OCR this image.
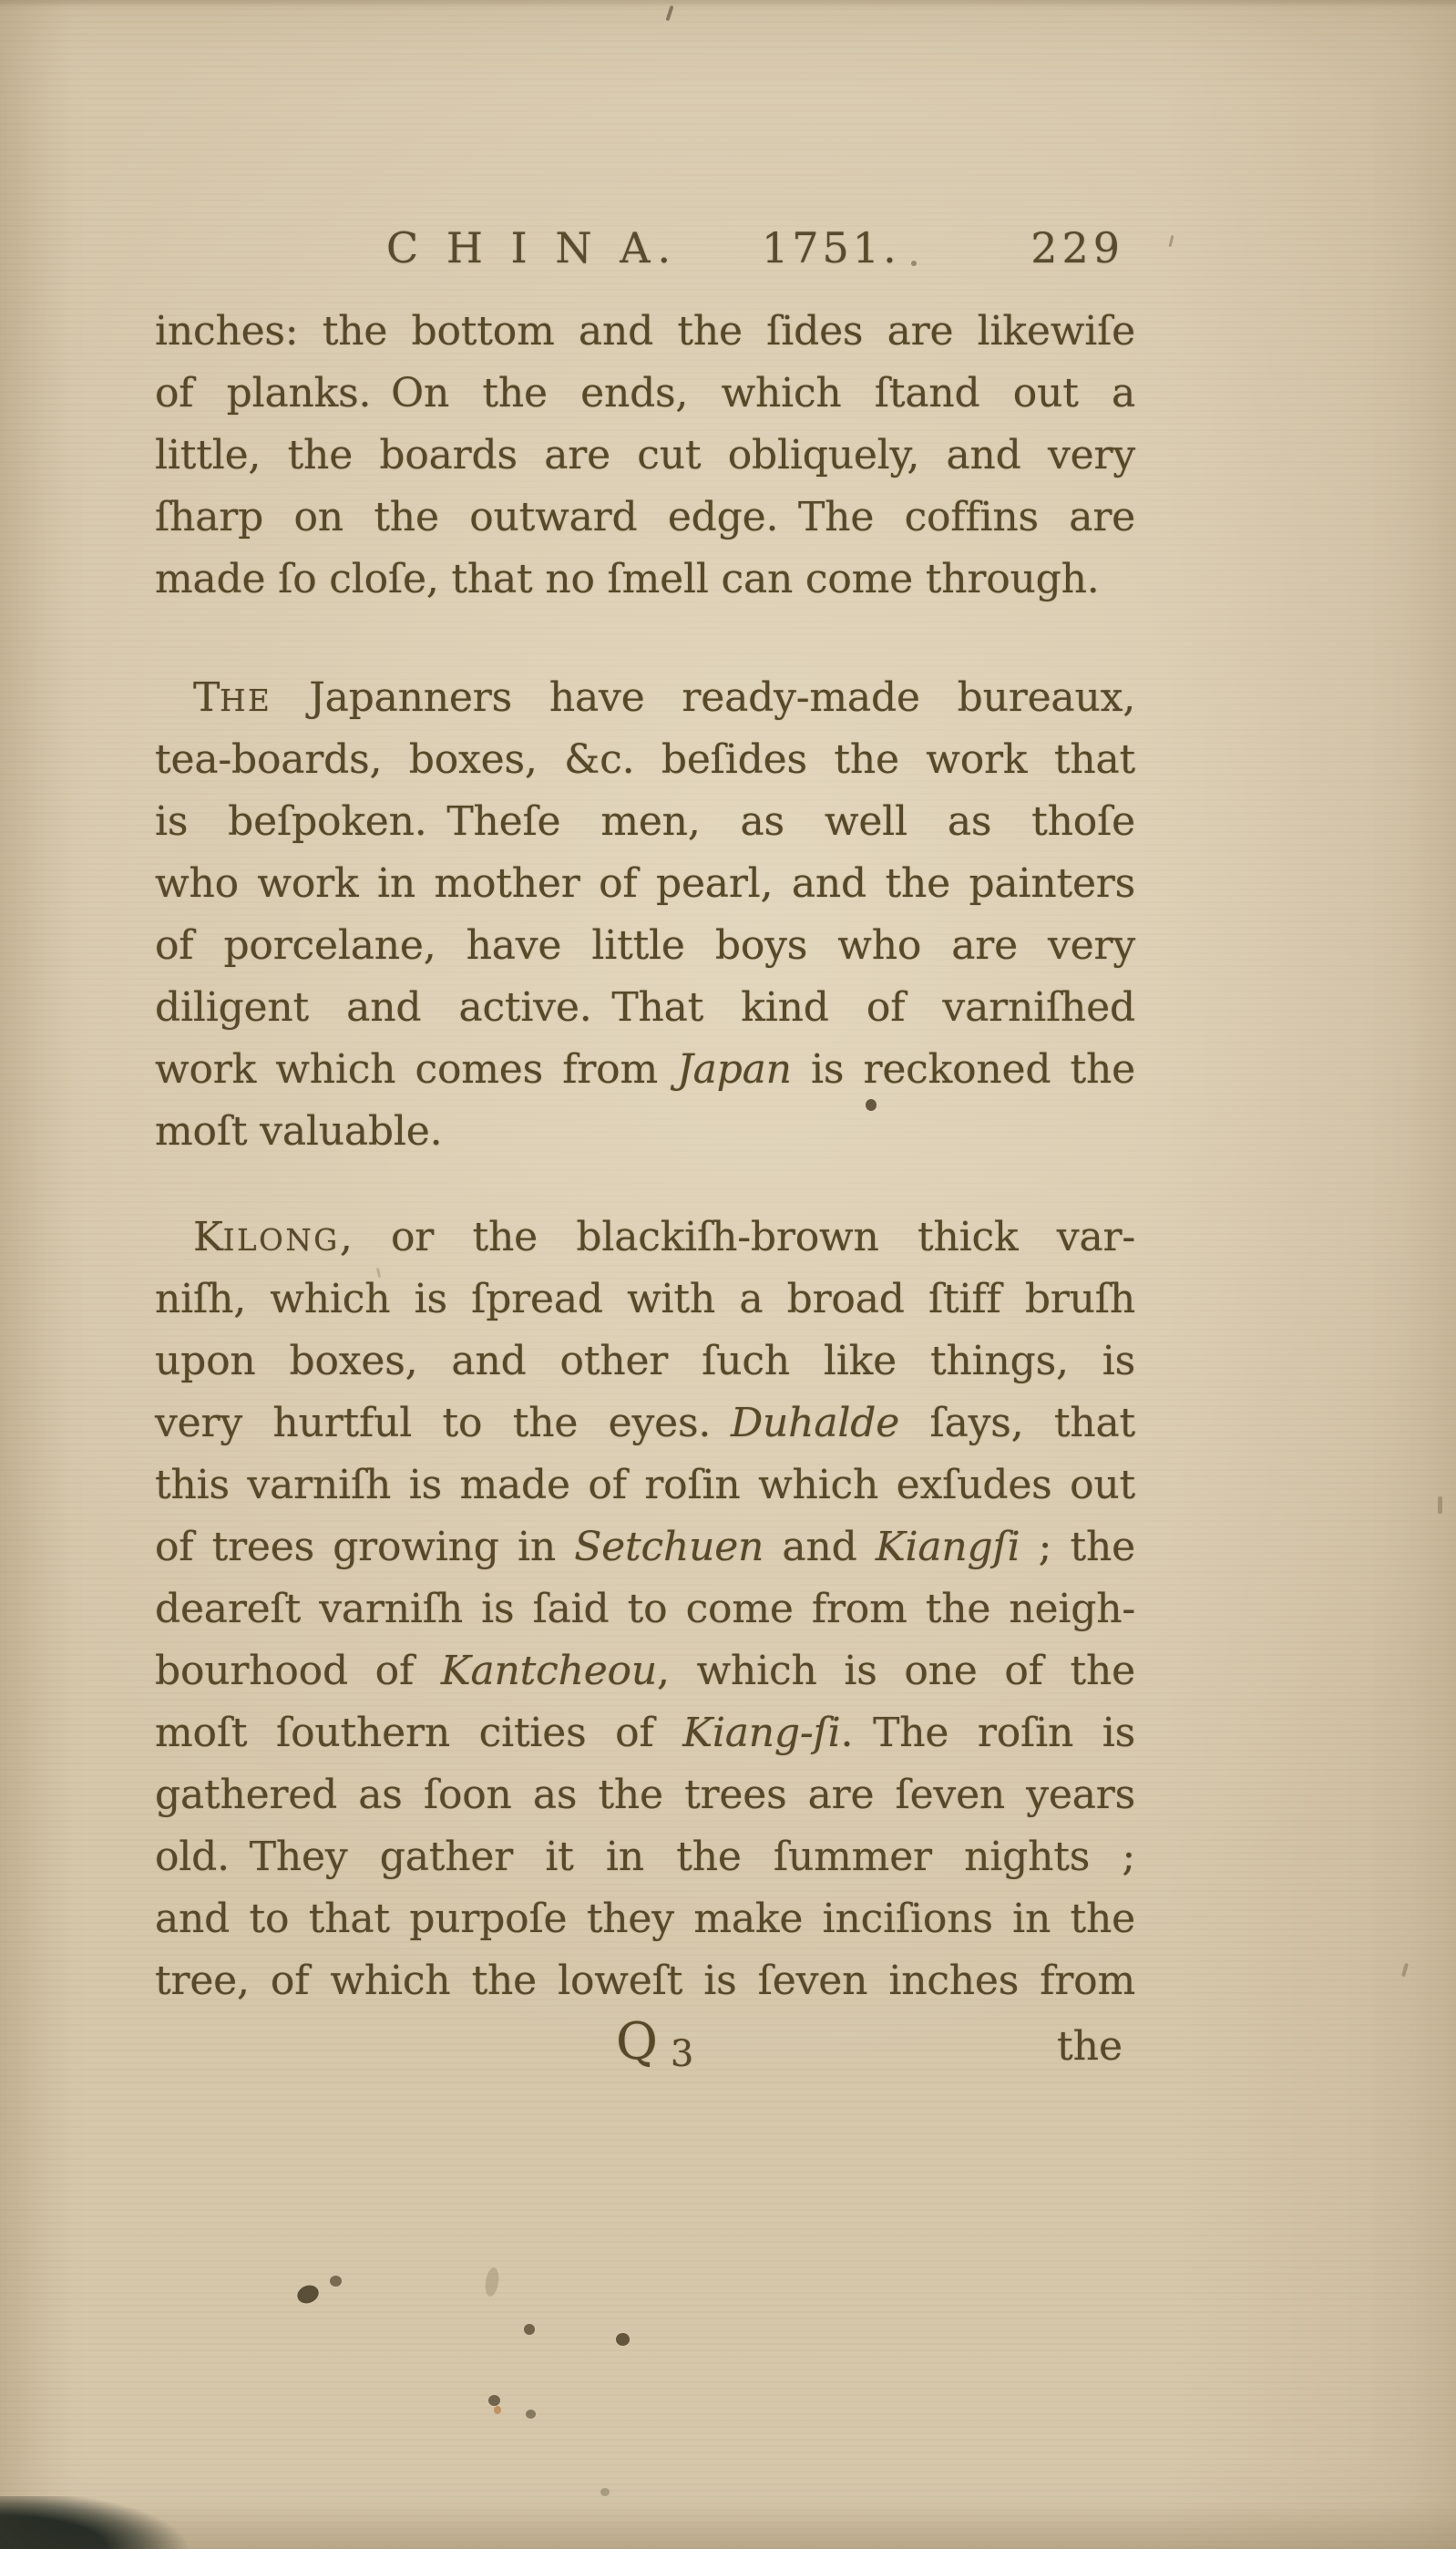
C H I N A. 1751.	229
inches: the bottom and the ſides are likewiſe
of planks. On the ends, which ſtand out a
little, the boards are cut obliquely, and very
ſharp on the outward edge. The coffins are
made ſo cloſe, that no ſmell can come through.
THE Japanners have ready-made bureaux,
tea-boards, boxes, &c. beſides the work that
is beſpoken. Theſe men, as well as thoſe
who work in mother of pearl, and the painters
of porcelane, have little boys who are very
diligent and active. That kind of varniſhed
work which comes from Japan is reckoned the
moſt valuable.
KILONG, or the blackiſh-brown thick var-
niſh, which is ſpread with a broad ſtiff bruſh
upon boxes, and other ſuch like things, is
very hurtful to the eyes. Duhalde ſays, that
this varniſh is made of roſin which exſudes out
of trees growing in Setchuen and Kiangſi ; the
deareſt varniſh is ſaid to come from the neigh-
bourhood of Kantcheou, which is one of the
moſt ſouthern cities of Kiang-ſi. The roſin is
gathered as ſoon as the trees are ſeven years
old. They gather it in the ſummer nights ;
and to that purpoſe they make inciſions in the
tree, of which the loweſt is ſeven inches from
Q 3	the
